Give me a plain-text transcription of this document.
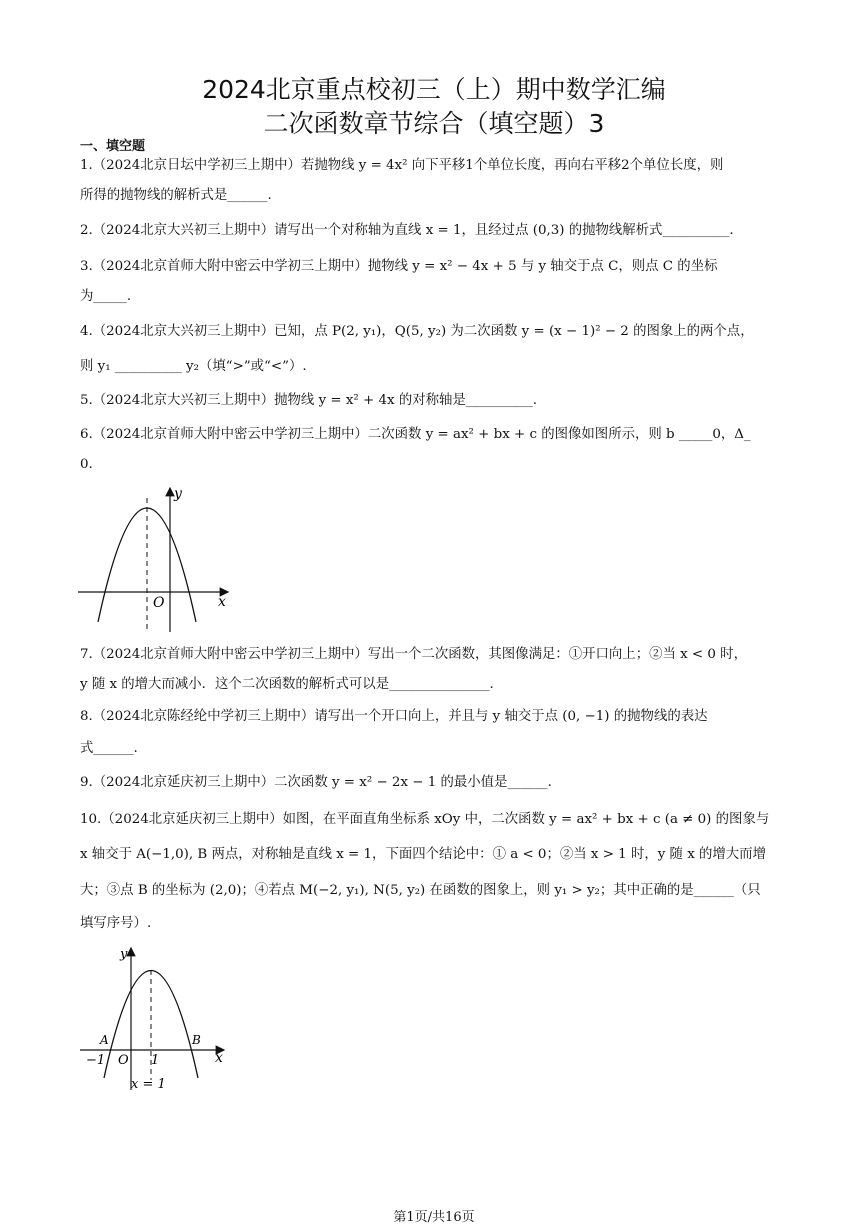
2024北京重点校初三（上）期中数学汇编
二次函数章节综合（填空题）3
一、填空题
1.（2024北京日坛中学初三上期中）若抛物线 y = 4x² 向下平移1个单位长度，再向右平移2个单位长度，则
所得的抛物线的解析式是______.
2.（2024北京大兴初三上期中）请写出一个对称轴为直线 x = 1，且经过点 (0,3) 的抛物线解析式__________.
3.（2024北京首师大附中密云中学初三上期中）抛物线 y = x² − 4x + 5 与 y 轴交于点 C，则点 C 的坐标
为_____.
4.（2024北京大兴初三上期中）已知，点 P(2, y₁)，Q(5, y₂) 为二次函数 y = (x − 1)² − 2 的图象上的两个点，
则 y₁ __________ y₂（填“>”或“<”）.
5.（2024北京大兴初三上期中）抛物线 y = x² + 4x 的对称轴是__________.
6.（2024北京首师大附中密云中学初三上期中）二次函数 y = ax² + bx + c 的图像如图所示，则 b _____0，Δ_
0.
y
x
O
7.（2024北京首师大附中密云中学初三上期中）写出一个二次函数，其图像满足：①开口向上；②当 x < 0 时，
y 随 x 的增大而减小．这个二次函数的解析式可以是_______________.
8.（2024北京陈经纶中学初三上期中）请写出一个开口向上，并且与 y 轴交于点 (0, −1) 的抛物线的表达
式______.
9.（2024北京延庆初三上期中）二次函数 y = x² − 2x − 1 的最小值是______.
10.（2024北京延庆初三上期中）如图，在平面直角坐标系 xOy 中，二次函数 y = ax² + bx + c (a ≠ 0) 的图象与
x 轴交于 A(−1,0), B 两点，对称轴是直线 x = 1，下面四个结论中：① a < 0；②当 x > 1 时，y 随 x 的增大而增
大；③点 B 的坐标为 (2,0)；④若点 M(−2, y₁), N(5, y₂) 在函数的图象上，则 y₁ > y₂；其中正确的是______（只
填写序号）.
y
x
A	B
−1 O 1
x = 1
第1页/共16页
